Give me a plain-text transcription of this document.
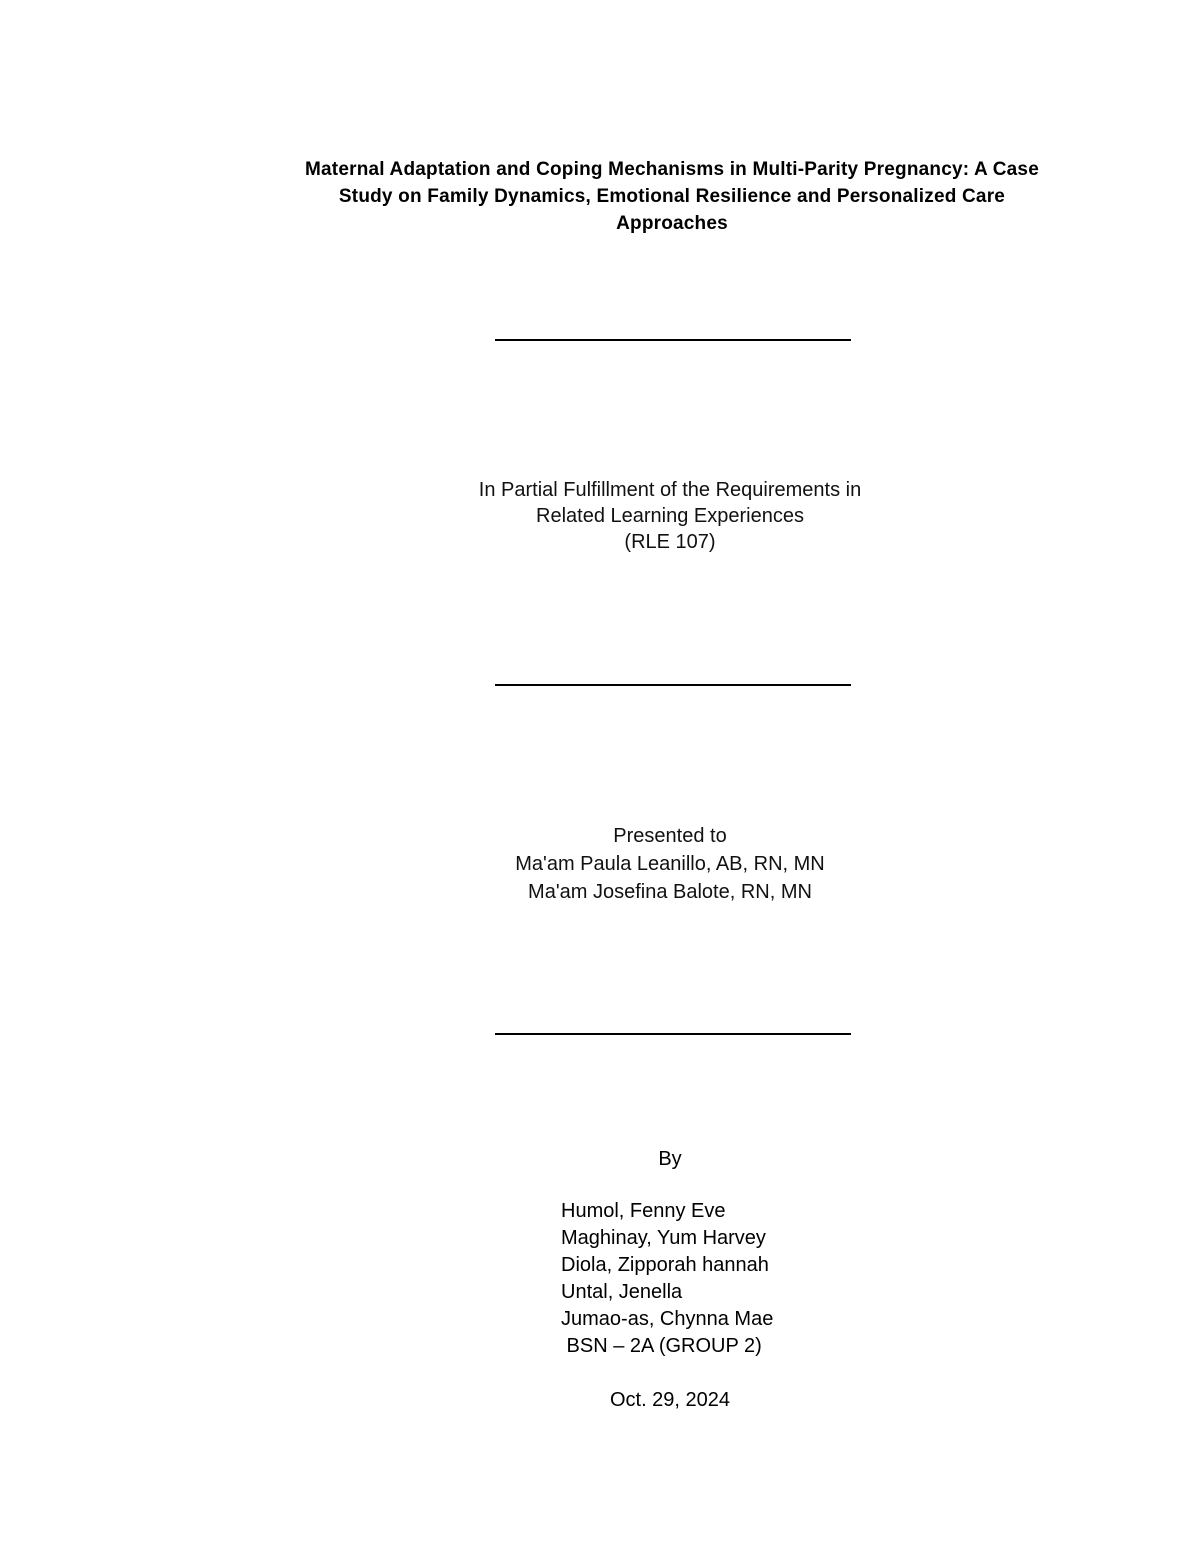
Maternal Adaptation and Coping Mechanisms in Multi-Parity Pregnancy: A Case
Study on Family Dynamics, Emotional Resilience and Personalized Care
Approaches
In Partial Fulfillment of the Requirements in
Related Learning Experiences
(RLE 107)
Presented to
Ma'am Paula Leanillo, AB, RN, MN
Ma'am Josefina Balote, RN, MN
By
Humol, Fenny Eve
Maghinay, Yum Harvey
Diola, Zipporah hannah
Untal, Jenella
Jumao-as, Chynna Mae
BSN – 2A (GROUP 2)
Oct. 29, 2024
